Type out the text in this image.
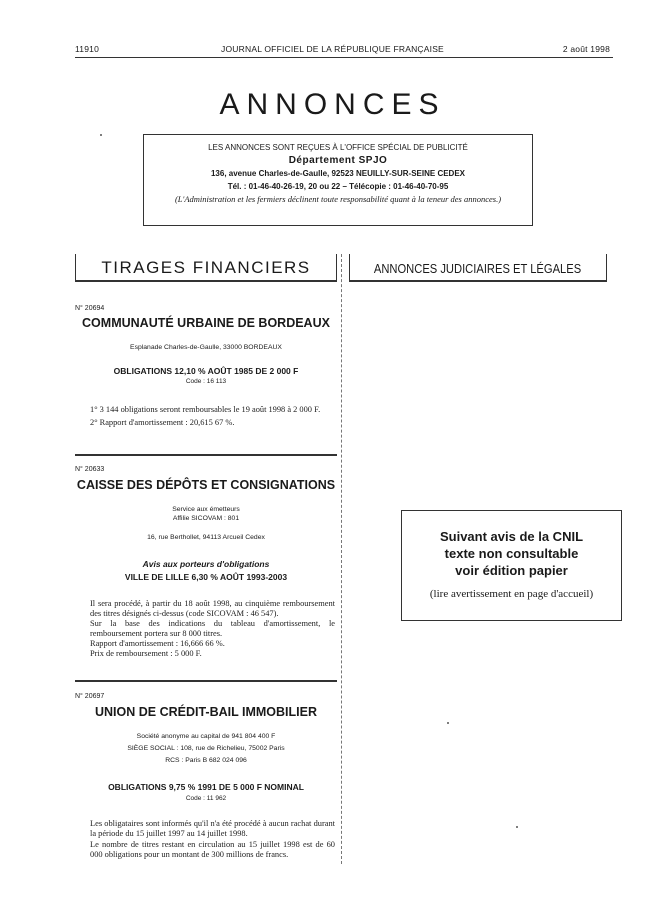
11910	JOURNAL OFFICIEL DE LA RÉPUBLIQUE FRANÇAISE	2 août 1998
ANNONCES
LES ANNONCES SONT REÇUES À L'OFFICE SPÉCIAL DE PUBLICITÉ
Département SPJO
136, avenue Charles-de-Gaulle, 92523 NEUILLY-SUR-SEINE CEDEX
Tél. : 01-46-40-26-19, 20 ou 22 – Télécopie : 01-46-40-70-95
(L'Administration et les fermiers déclinent toute responsabilité quant à la teneur des annonces.)
TIRAGES FINANCIERS	ANNONCES JUDICIAIRES ET LÉGALES
N° 20694
COMMUNAUTÉ URBAINE DE BORDEAUX
Esplanade Charles-de-Gaulle, 33000 BORDEAUX
OBLIGATIONS 12,10 % AOÛT 1985 DE 2 000 F
Code : 16 113

1° 3 144 obligations seront remboursables le 19 août 1998 à 2 000 F.

2° Rapport d'amortissement : 20,615 67 %.

N° 20633
CAISSE DES DÉPÔTS ET CONSIGNATIONS
Service aux émetteurs
Affilie SICOVAM : 801
16, rue Berthollet, 94113 Arcueil Cedex
Avis aux porteurs d'obligations
VILLE DE LILLE 6,30 % AOÛT 1993-2003

Il sera procédé, à partir du 18 août 1998, au cinquième remboursement des titres désignés ci-dessus (code SICOVAM : 46 547).

Sur la base des indications du tableau d'amortissement, le remboursement portera sur 8 000 titres.

Rapport d'amortissement : 16,666 66 %.

Prix de remboursement : 5 000 F.

N° 20697
UNION DE CRÉDIT-BAIL IMMOBILIER
Société anonyme au capital de 941 804 400 F
SIÈGE SOCIAL : 108, rue de Richelieu, 75002 Paris
RCS : Paris B 682 024 096
OBLIGATIONS 9,75 % 1991 DE 5 000 F NOMINAL
Code : 11 962

Les obligataires sont informés qu'il n'a été procédé à aucun rachat durant la période du 15 juillet 1997 au 14 juillet 1998.

Le nombre de titres restant en circulation au 15 juillet 1998 est de 60 000 obligations pour un montant de 300 millions de francs.

Suivant avis de la CNIL
texte non consultable
voir édition papier
(lire avertissement en page d'accueil)
